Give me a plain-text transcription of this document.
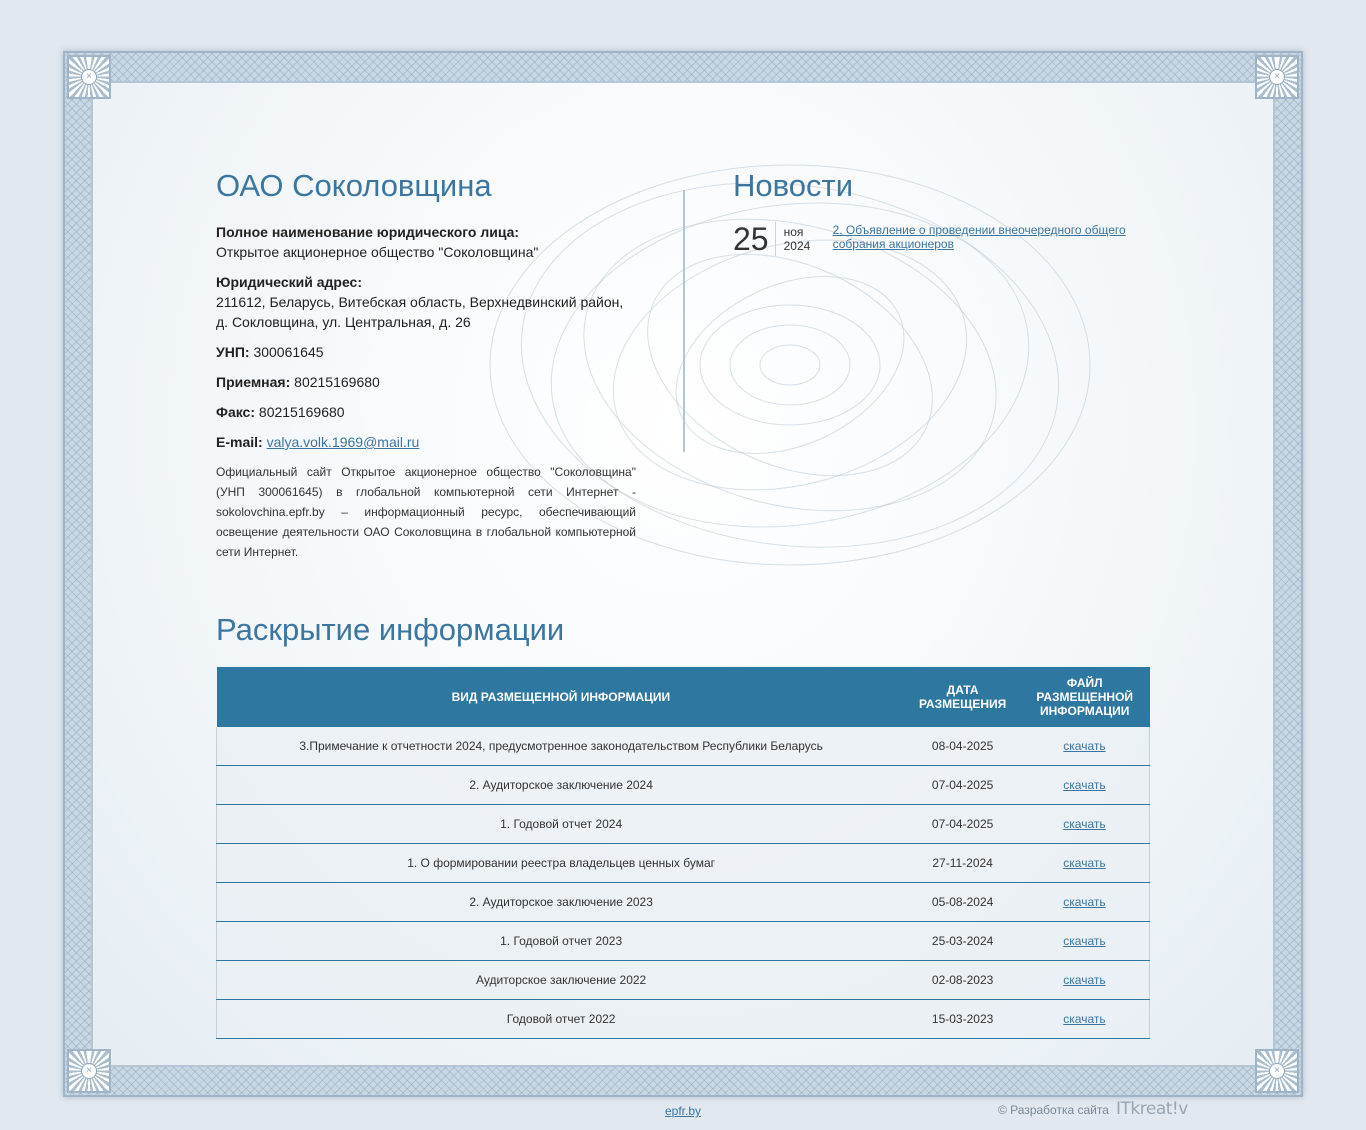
×	×
×	×
ОАО Соколовщина
Полное наименование юридического лица:
Открытое акционерное общество "Соколовщина"
Юридический адрес:
211612, Беларусь, Витебская область, Верхнедвинский район,
д. Сокловщина, ул. Центральная, д. 26
УНП: 300061645
Приемная: 80215169680
Факс: 80215169680
E-mail: valya.volk.1969@mail.ru
Официальный сайт Открытое акционерное общество "Соколовщина" (УНП 300061645) в глобальной компьютерной сети Интернет - sokolovchina.epfr.by – информационный ресурс, обеспечивающий освещение деятельности ОАО Соколовщина в глобальной компьютерной сети Интернет.
Новости
25	ноя
2024
2. Объявление о проведении внеочередного общего собрания акционеров
Раскрытие информации
ВИД РАЗМЕЩЕННОЙ ИНФОРМАЦИИ	ДАТА РАЗМЕЩЕНИЯ	ФАЙЛ РАЗМЕЩЕННОЙ ИНФОРМАЦИИ
3.Примечание к отчетности 2024, предусмотренное законодательством Республики Беларусь	08-04-2025	скачать
2. Аудиторское заключение 2024	07-04-2025	скачать
1. Годовой отчет 2024	07-04-2025	скачать
1. О формировании реестра владельцев ценных бумаг	27-11-2024	скачать
2. Аудиторское заключение 2023	05-08-2024	скачать
1. Годовой отчет 2023	25-03-2024	скачать
Аудиторское заключение 2022	02-08-2023	скачать
Годовой отчет 2022	15-03-2023	скачать
epfr.by	© Разработка сайта ITkreat!v
